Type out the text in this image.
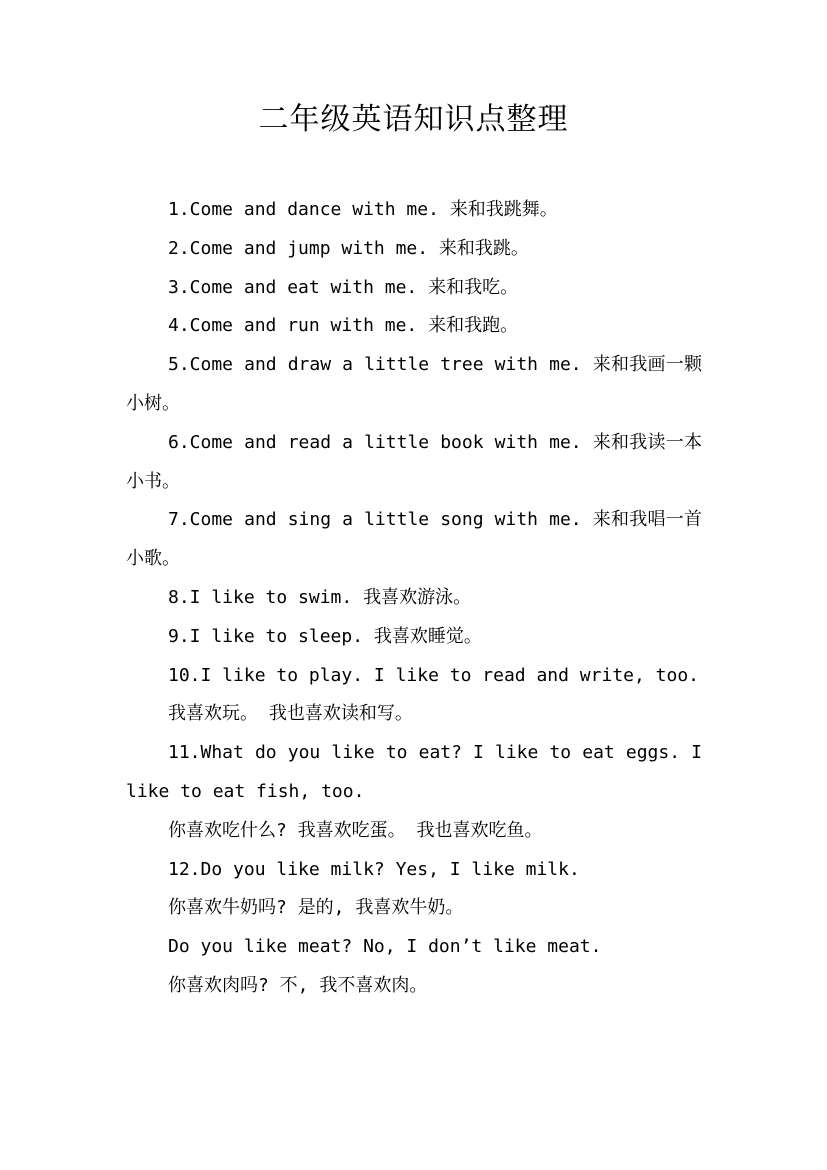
二年级英语知识点整理

1.Come and dance with me. 来和我跳舞。

2.Come and jump with me. 来和我跳。

3.Come and eat with me. 来和我吃。

4.Come and run with me. 来和我跑。

5.Come and draw a little tree with me. 来和我画一颗小树。

6.Come and read a little book with me. 来和我读一本小书。

7.Come and sing a little song with me. 来和我唱一首小歌。

8.I like to swim. 我喜欢游泳。

9.I like to sleep. 我喜欢睡觉。

10.I like to play. I like to read and write, too.

我喜欢玩。 我也喜欢读和写。

11.What do you like to eat? I like to eat eggs. I like to eat fish, too.

你喜欢吃什么? 我喜欢吃蛋。 我也喜欢吃鱼。

12.Do you like milk? Yes, I like milk.

你喜欢牛奶吗? 是的, 我喜欢牛奶。

Do you like meat? No, I don’t like meat.

你喜欢肉吗? 不, 我不喜欢肉。
